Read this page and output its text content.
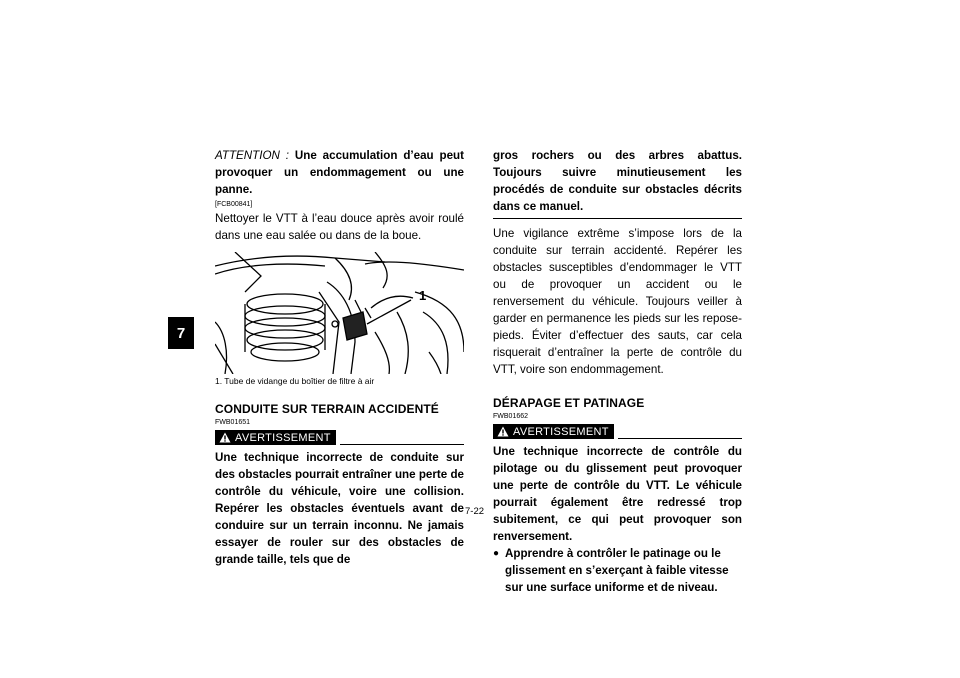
7

ATTENTION : Une accumulation d’eau peut provoquer un endommagement ou une panne.

[FCB00841]

Nettoyer le VTT à l’eau douce après avoir roulé dans une eau salée ou dans de la boue.

1
1. Tube de vidange du boîtier de filtre à air
CONDUITE SUR TERRAIN ACCIDENTÉ
FWB01651
AVERTISSEMENT

Une technique incorrecte de conduite sur des obstacles pourrait entraîner une perte de contrôle du véhicule, voire une collision. Repérer les obstacles éventuels avant de conduire sur un terrain inconnu. Ne jamais essayer de rouler sur des obstacles de grande taille, tels que de

gros rochers ou des arbres abattus. Toujours suivre minutieusement les procédés de conduite sur obstacles décrits dans ce manuel.

Une vigilance extrême s’impose lors de la conduite sur terrain accidenté. Repérer les obstacles susceptibles d’endommager le VTT ou de provoquer un accident ou le renversement du véhicule. Toujours veiller à garder en permanence les pieds sur les repose-pieds. Éviter d’effectuer des sauts, car cela risquerait d’entraîner la perte de contrôle du VTT, voire son endommagement.

DÉRAPAGE ET PATINAGE
FWB01662
AVERTISSEMENT

Une technique incorrecte de contrôle du pilotage ou du glissement peut provoquer une perte de contrôle du VTT. Le véhicule pourrait également être redressé trop subitement, ce qui peut provoquer son renversement.

● Apprendre à contrôler le patinage ou le glissement en s’exerçant à faible vitesse sur une surface uniforme et de niveau.
7-22
